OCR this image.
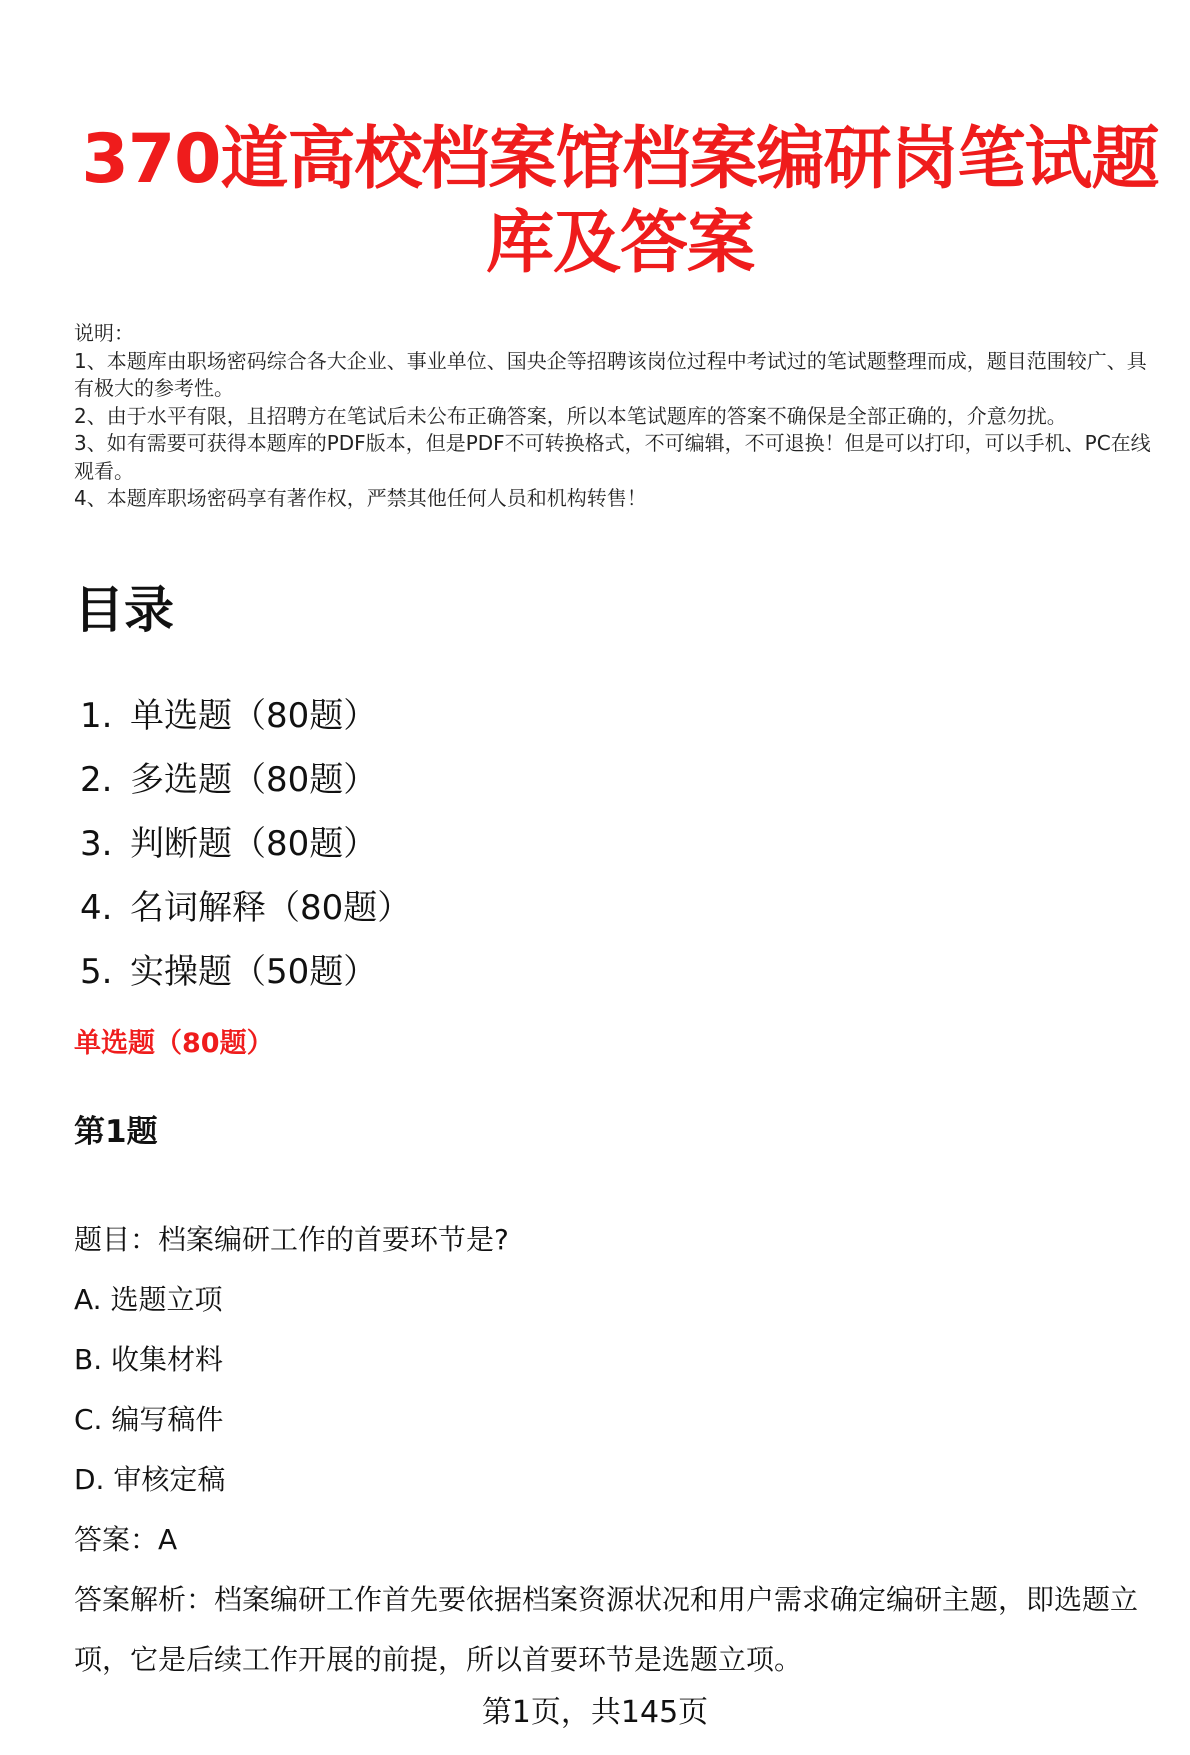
370道高校档案馆档案编研岗笔试题
库及答案
说明：
1、本题库由职场密码综合各大企业、事业单位、国央企等招聘该岗位过程中考试过的笔试题整理而成，题目范围较广、具有极大的参考性。
2、由于水平有限，且招聘方在笔试后未公布正确答案，所以本笔试题库的答案不确保是全部正确的，介意勿扰。
3、如有需要可获得本题库的PDF版本，但是PDF不可转换格式，不可编辑，不可退换！但是可以打印，可以手机、PC在线观看。
4、本题库职场密码享有著作权，严禁其他任何人员和机构转售！
目录
1. 单选题（80题）
2. 多选题（80题）
3. 判断题（80题）
4. 名词解释（80题）
5. 实操题（50题）
单选题（80题）
第1题
题目：档案编研工作的首要环节是?
A. 选题立项
B. 收集材料
C. 编写稿件
D. 审核定稿
答案：A
答案解析：档案编研工作首先要依据档案资源状况和用户需求确定编研主题，即选题立项，它是后续工作开展的前提，所以首要环节是选题立项。
第1页，共145页
